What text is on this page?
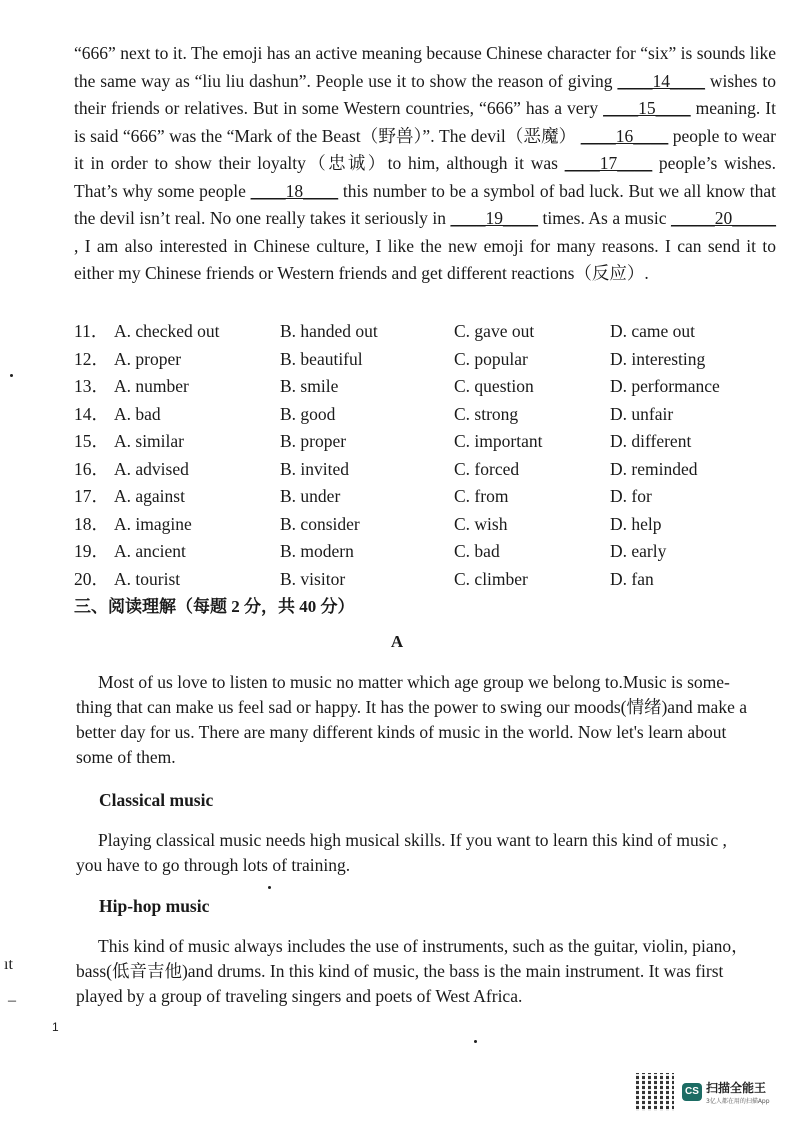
“666” next to it. The emoji has an active meaning because Chinese character for “six” is sounds like the same way as “liu liu dashun”. People use it to show the reason of giving ____14____ wishes to their friends or relatives. But in some Western countries, “666” has a very ____15____ meaning. It is said “666” was the “Mark of the Beast（野兽）”. The devil（恶魔） ____16____ people to wear it in order to show their loyalty（忠诚）to him, although it was ____17____ people’s wishes. That’s why some people ____18____ this number to be a symbol of bad luck. But we all know that the devil isn’t real. No one really takes it seriously in ____19____ times. As a music _____20_____ , I am also interested in Chinese culture, I like the new emoji for many reasons. I can send it to either my Chinese friends or Western friends and get different reactions（反应）.

11． A. checked out	B. handed out	C. gave out	D. came out
12． A. proper	B. beautiful	C. popular	D. interesting
13． A. number	B. smile	C. question	D. performance
14． A. bad	B. good	C. strong	D. unfair
15． A. similar	B. proper	C. important	D. different
16． A. advised	B. invited	C. forced	D. reminded
17． A. against	B. under	C. from	D. for
18． A. imagine	B. consider	C. wish	D. help
19． A. ancient	B. modern	C. bad	D. early
20． A. tourist	B. visitor	C. climber	D. fan
三、阅读理解（每题 2 分，共 40 分）
A
Most of us love to listen to music no matter which age group we belong to.Music is some- thing that can make us feel sad or happy. It has the power to swing our moods(情绪)and make a better day for us. There are many different kinds of music in the world. Now let's learn about some of them.
Classical music
Playing classical music needs high musical skills. If you want to learn this kind of music , you have to go through lots of training.
Hip-hop music
This kind of music always includes the use of instruments, such as the guitar, violin, piano，bass(低音吉他)and drums. In this kind of music, the bass is the main instrument. It was first played by a group of traveling singers and poets of West Africa.
1
ıt
–
CS 扫描全能王
3亿人都在用的扫描App
